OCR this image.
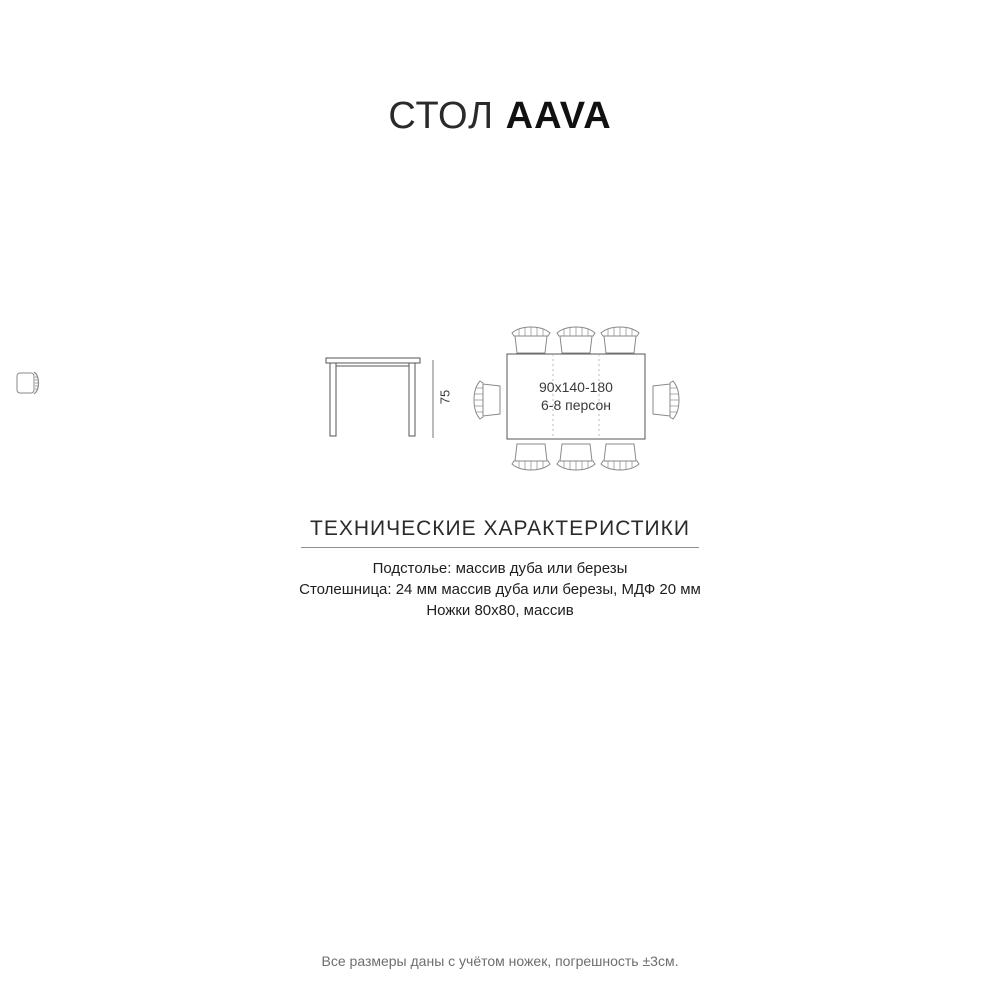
СТОЛ AAVA
75
90x140-180
6-8 персон
ТЕХНИЧЕСКИЕ ХАРАКТЕРИСТИКИ
Подстолье: массив дуба или березы
Столешница: 24 мм массив дуба или березы, МДФ 20 мм
Ножки 80х80, массив
Все размеры даны с учётом ножек, погрешность ±3см.
